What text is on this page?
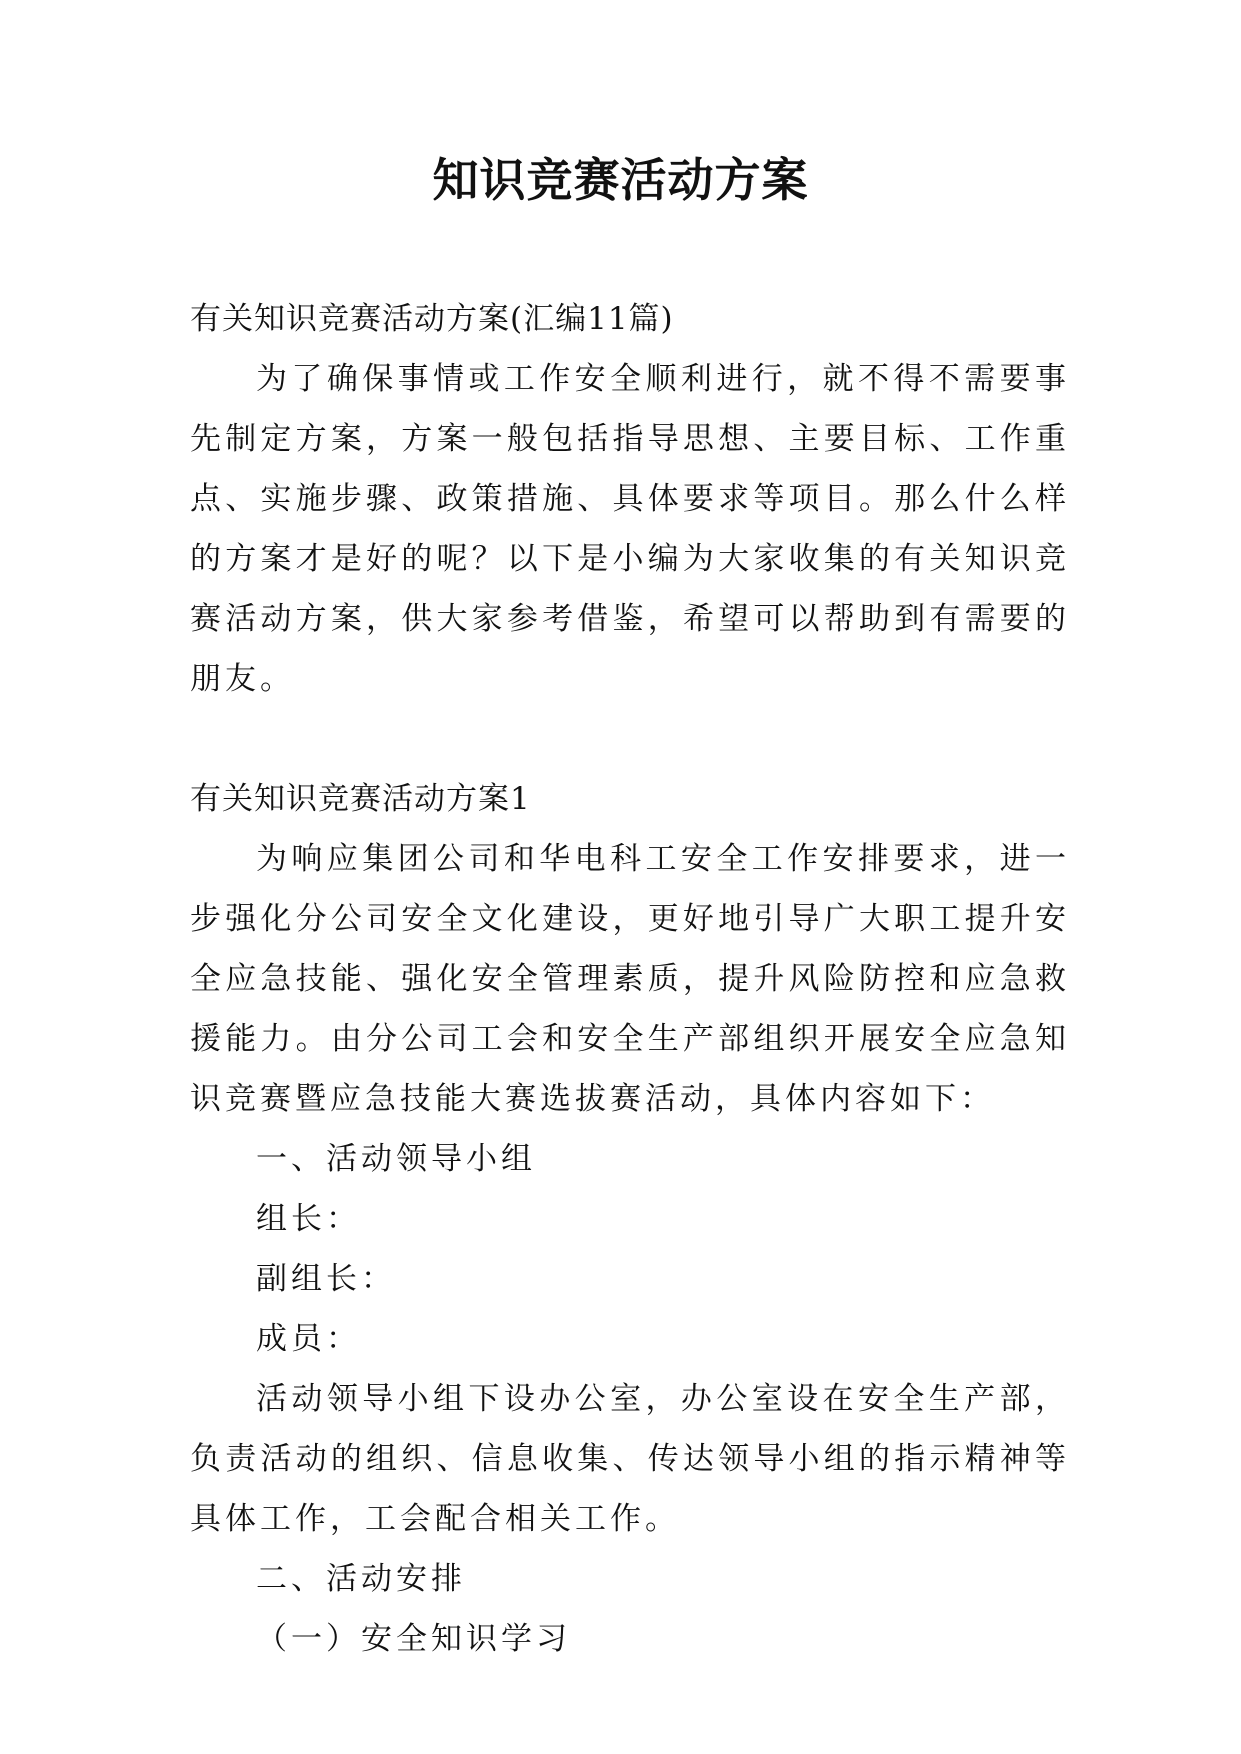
知识竞赛活动方案

有关知识竞赛活动方案(汇编11篇)

为了确保事情或工作安全顺利进行，就不得不需要事先制定方案，方案一般包括指导思想、主要目标、工作重点、实施步骤、政策措施、具体要求等项目。那么什么样的方案才是好的呢？以下是小编为大家收集的有关知识竞赛活动方案，供大家参考借鉴，希望可以帮助到有需要的朋友。

有关知识竞赛活动方案1

为响应集团公司和华电科工安全工作安排要求，进一步强化分公司安全文化建设，更好地引导广大职工提升安全应急技能、强化安全管理素质，提升风险防控和应急救援能力。由分公司工会和安全生产部组织开展安全应急知识竞赛暨应急技能大赛选拔赛活动，具体内容如下：

一、活动领导小组

组长：

副组长：

成员：

活动领导小组下设办公室，办公室设在安全生产部，负责活动的组织、信息收集、传达领导小组的指示精神等具体工作，工会配合相关工作。

二、活动安排

（一）安全知识学习
